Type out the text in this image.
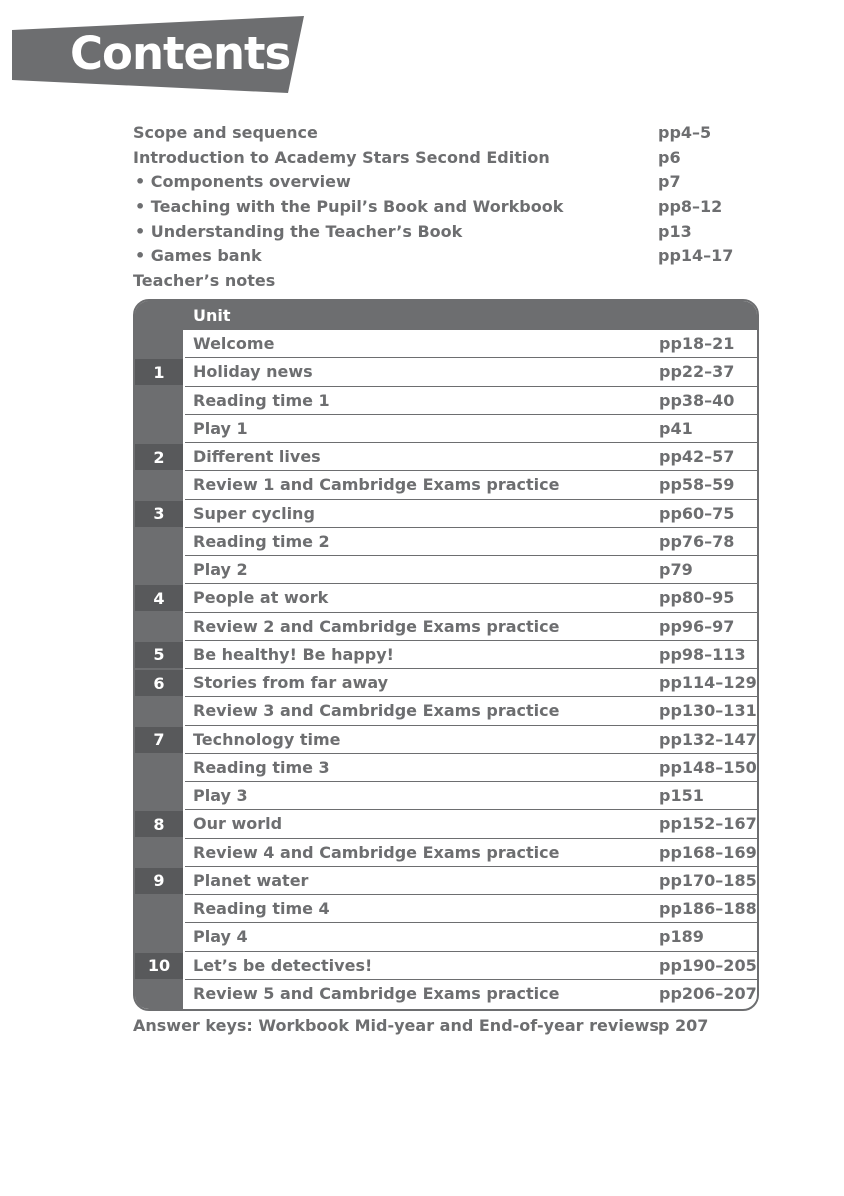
Contents
Scope and sequence	pp4–5
Introduction to Academy Stars Second Edition	p6
• Components overview	p7
• Teaching with the Pupil’s Book and Workbook	pp8–12
• Understanding the Teacher’s Book	p13
• Games bank	pp14–17
Teacher’s notes
Unit
Welcome	pp18–21
1	Holiday news	pp22–37
Reading time 1	pp38–40
Play 1	p41
2	Different lives	pp42–57
Review 1 and Cambridge Exams practice	pp58–59
3	Super cycling	pp60–75
Reading time 2	pp76–78
Play 2	p79
4	People at work	pp80–95
Review 2 and Cambridge Exams practice	pp96–97
5	Be healthy! Be happy!	pp98–113
6	Stories from far away	pp114–129
Review 3 and Cambridge Exams practice	pp130–131
7	Technology time	pp132–147
Reading time 3	pp148–150
Play 3	p151
8	Our world	pp152–167
Review 4 and Cambridge Exams practice	pp168–169
9	Planet water	pp170–185
Reading time 4	pp186–188
Play 4	p189
10	Let’s be detectives!	pp190–205
Review 5 and Cambridge Exams practice	pp206–207
Answer keys: Workbook Mid-year and End-of-year reviews p 207
